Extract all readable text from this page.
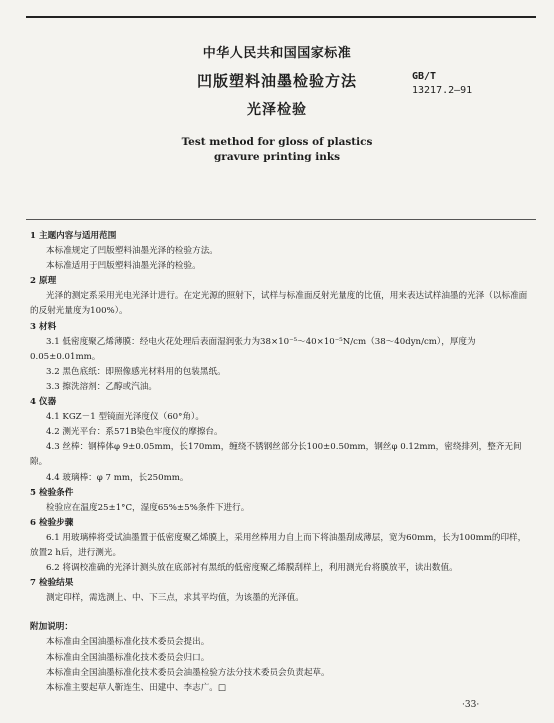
中华人民共和国国家标准
凹版塑料油墨检验方法
光泽检验
Test method for gloss of plastics
gravure printing inks
GB/T
13217.2—91

1 主题内容与适用范围

本标准规定了凹版塑料油墨光泽的检验方法。

本标准适用于凹版塑料油墨光泽的检验。

2 原理

光泽的测定系采用光电光泽计进行。在定光源的照射下，试样与标准面反射光量度的比值，用来表达试样油墨的光泽（以标准面的反射光量度为100%）。

3 材料

3.1 低密度聚乙烯薄膜：经电火花处理后表面湿润张力为38×10⁻⁵～40×10⁻⁵N/cm（38～40dyn/cm），厚度为0.05±0.01mm。

3.2 黑色底纸：即照像感光材料用的包装黑纸。

3.3 擦洗溶剂：乙醇或汽油。

4 仪器

4.1 KGZ－1 型镜面光泽度仪（60°角）。

4.2 测光平台：系571B染色牢度仪的摩擦台。

4.3 丝棒：钢棒体φ 9±0.05mm，长170mm，缠绕不锈钢丝部分长100±0.50mm，钢丝φ 0.12mm，密绕排列，整齐无间隙。

4.4 玻璃棒：φ 7 mm，长250mm。

5 检验条件

检验应在温度25±1°C，湿度65%±5%条件下进行。

6 检验步骤

6.1 用玻璃棒将受试油墨置于低密度聚乙烯膜上，采用丝棒用力自上而下将油墨刮成薄层，宽为60mm，长为100mm的印样，放置2 h后，进行测光。

6.2 将调校准确的光泽计测头放在底部衬有黑纸的低密度聚乙烯膜刮样上，利用测光台将膜放平，读出数值。

7 检验结果

测定印样，需选测上、中、下三点，求其平均值，为该墨的光泽值。

附加说明：

本标准由全国油墨标准化技术委员会提出。

本标准由全国油墨标准化技术委员会归口。

本标准由全国油墨标准化技术委员会油墨检验方法分技术委员会负责起草。

本标准主要起草人靳连生、田建中、李志广。□

·33·
